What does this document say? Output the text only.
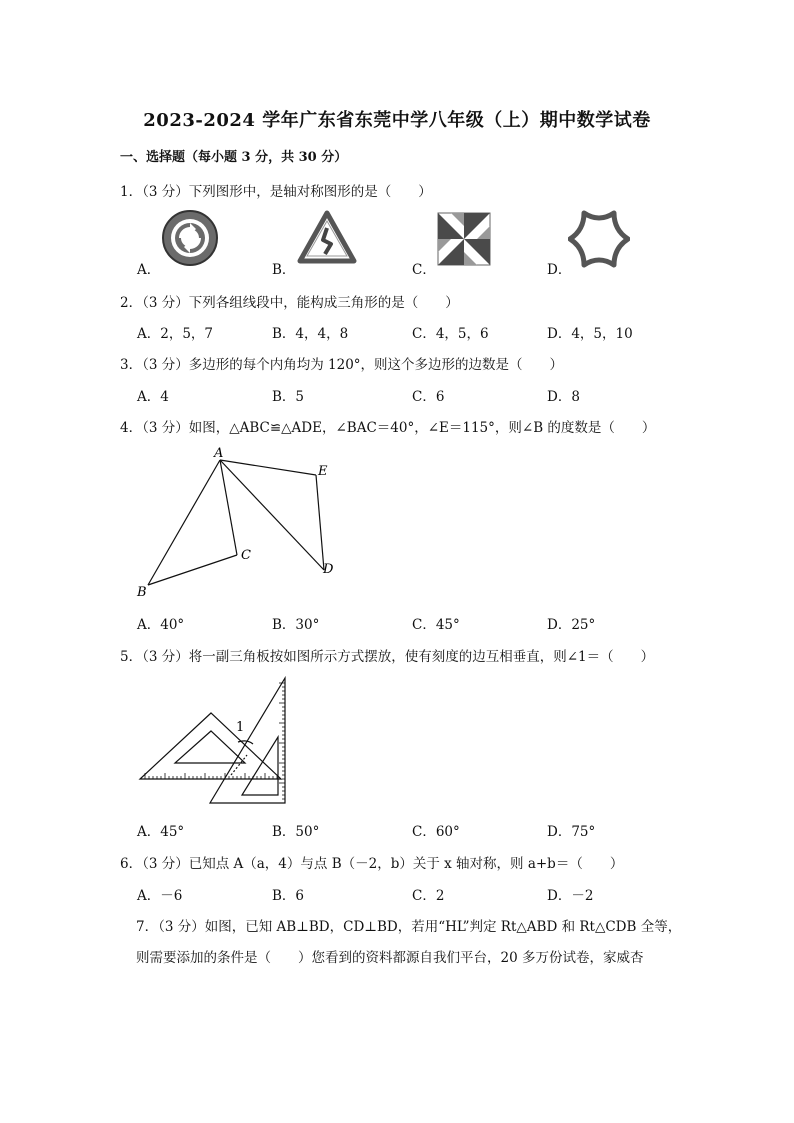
2023-2024 学年广东省东莞中学八年级（上）期中数学试卷
一、选择题（每小题 3 分，共 30 分）
1．（3 分）下列图形中，是轴对称图形的是（　　）
A．	B．	C．	D．
2．（3 分）下列各组线段中，能构成三角形的是（　　）
A．2，5，7	B．4，4，8	C．4，5，6	D．4，5，10
3．（3 分）多边形的每个内角均为 120°，则这个多边形的边数是（　　）
A．4	B．5	C．6	D．8
4．（3 分）如图，△ABC≌△ADE，∠BAC＝40°，∠E＝115°，则∠B 的度数是（　　）
A
E
C
B
D
A．40°	B．30°	C．45°	D．25°
5．（3 分）将一副三角板按如图所示方式摆放，使有刻度的边互相垂直，则∠1＝（　　）
1
A．45°	B．50°	C．60°	D．75°
6．（3 分）已知点 A（a，4）与点 B（－2，b）关于 x 轴对称，则 a+b＝（　　）
A．－6	B．6	C．2	D．－2
7．（3 分）如图，已知 AB⊥BD，CD⊥BD，若用“HL”判定 Rt△ABD 和 Rt△CDB 全等，
则需要添加的条件是（　　）您看到的资料都源自我们平台，20 多万份试卷，家威杏
